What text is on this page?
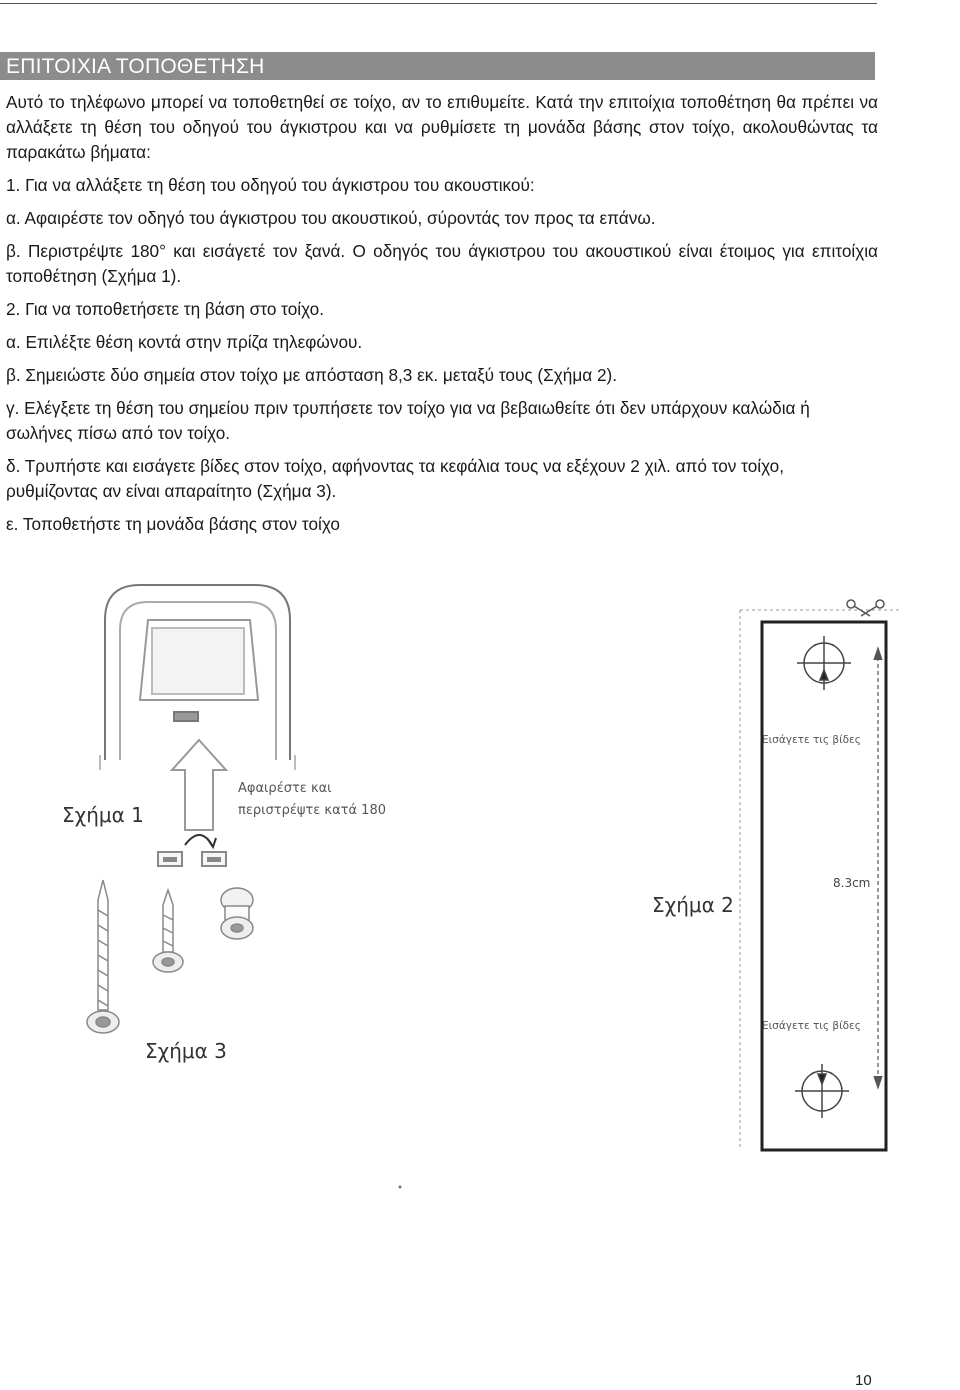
ΕΠΙΤΟΙΧΙΑ ΤΟΠΟΘΕΤΗΣΗ

Αυτό το τηλέφωνο μπορεί να τοποθετηθεί σε τοίχο, αν το επιθυμείτε. Κατά την επιτοίχια τοποθέτηση θα πρέπει να αλλάξετε τη θέση του οδηγού του άγκιστρου και να ρυθμίσετε τη μονάδα βάσης στον τοίχο, ακολουθώντας τα παρακάτω βήματα:

1. Για να αλλάξετε τη θέση του οδηγού του άγκιστρου του ακουστικού:

α. Αφαιρέστε τον οδηγό του άγκιστρου του ακουστικού, σύροντάς τον προς τα επάνω.

β. Περιστρέψτε 180° και εισάγετέ τον ξανά. Ο οδηγός του άγκιστρου του ακουστικού είναι έτοιμος για επιτοίχια τοποθέτηση (Σχήμα 1).

2. Για να τοποθετήσετε τη βάση στο τοίχο.

α. Επιλέξτε θέση κοντά στην πρίζα τηλεφώνου.

β. Σημειώστε δύο σημεία στον τοίχο με απόσταση 8,3 εκ. μεταξύ τους (Σχήμα 2).

γ. Ελέγξετε τη θέση του σημείου πριν τρυπήσετε τον τοίχο για να βεβαιωθείτε ότι δεν υπάρχουν καλώδια ή σωλήνες πίσω από τον τοίχο.

δ. Τρυπήστε και εισάγετε βίδες στον τοίχο, αφήνοντας τα κεφάλια τους να εξέχουν 2 χιλ. από τον τοίχο, ρυθμίζοντας αν είναι απαραίτητο (Σχήμα 3).

ε. Τοποθετήστε τη μονάδα βάσης στον τοίχο

Σχήμα 1
Αφαιρέστε και
περιστρέψτε κατά 180
Σχήμα 3
Εισάγετε τις βίδες
8.3cm
Εισάγετε τις βίδες
Σχήμα 2
10
